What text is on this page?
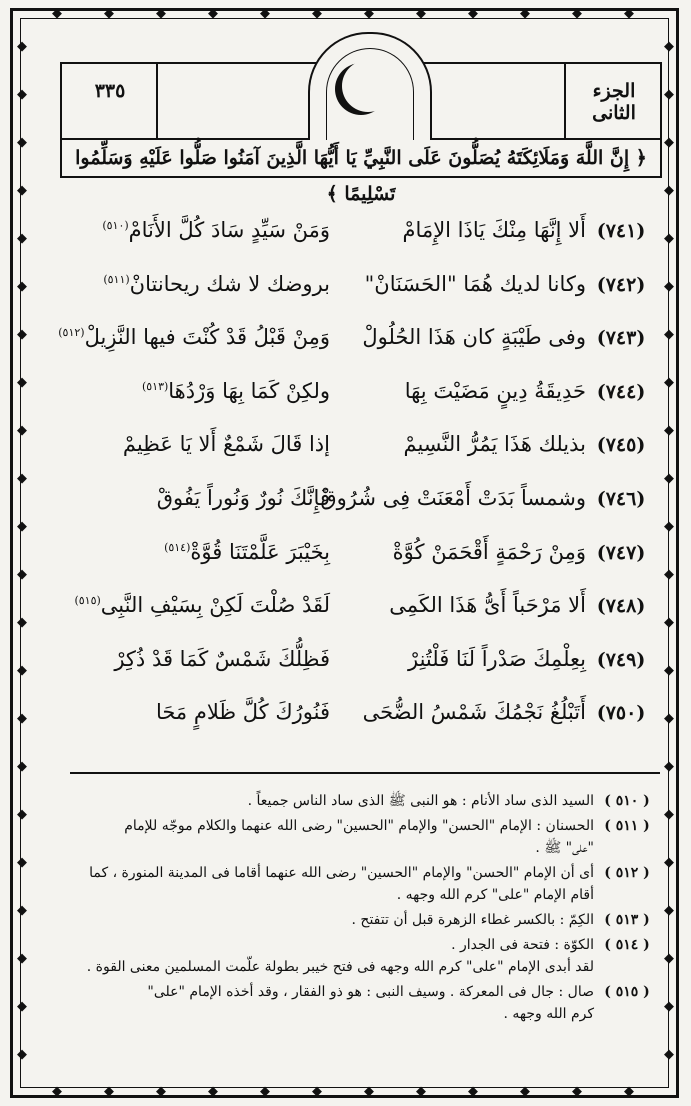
◆	◆
◆	◆
◆	◆
◆	◆
◆	◆
◆	◆
◆	◆
◆	◆
◆	◆
◆	◆
◆	◆
◆	◆
◆	◆
◆	◆
◆	◆
◆	◆
◆	◆
◆	◆
◆	◆
◆	◆
◆	◆
◆	◆
◆
◆
◆
◆
◆
◆
◆
◆
◆
◆
◆
◆
◆
◆
◆
◆
◆
◆
◆
◆
◆
◆
◆
◆
٣٣٥	الجزء الثانى
﴿ إِنَّ اللَّهَ وَمَلَائِكَتَهُ يُصَلُّونَ عَلَى النَّبِيِّ يَا أَيُّهَا الَّذِينَ آمَنُوا صَلُّوا عَلَيْهِ وَسَلِّمُوا تَسْلِيمًا ﴾
(٧٤١)
أَلا إِنَّهَا مِنْكَ يَاذَا الإِمَامْ
وَمَنْ سَيِّدٍ سَادَ كُلَّ الأَنَامْ$^{(٥١٠)}$
(٧٤٢)
وكانا لديك هُمَا "الحَسَنَانْ"
بروضك لا شك ريحانتانْ$^{(٥١١)}$
(٧٤٣)
وفى طَيْبَةٍ كان هَذَا الحُلُولْ
وَمِنْ قَبْلُ قَدْ كُنْتَ فيها النَّزِيلْ$^{(٥١٢)}$
(٧٤٤)
حَدِيقَةُ دِينٍ مَضَيْتَ بِهَا
ولكِنْ كَمَا بِهَا وَرْدُهَا$^{(٥١٣)}$
(٧٤٥)
بذيلك هَذَا يَمُرُّ النَّسِيمْ
إذا قَالَ شَمْعٌ أَلا يَا عَظِيمْ
(٧٤٦)
وشمساً بَدَتْ أَمْعَنَتْ فِى شُرُوقْ
فَإِنَّكَ نُورٌ وَنُوراً يَفُوقْ
(٧٤٧)
وَمِنْ رَحْمَةٍ أَقْحَمَنْ كُوَّةْ
بِخَيْبَرَ عَلَّمْتَنَا قُوَّةْ$^{(٥١٤)}$
(٧٤٨)
أَلا مَرْحَباً أَىُّ هَذَا الكَمِى
لَقَدْ صُلْتَ لَكِنْ بِسَيْفِ النَّبِى$^{(٥١٥)}$
(٧٤٩)
بِعِلْمِكَ صَدْراً لَنَا فَلْتُنِرْ
فَظِلُّكَ شَمْسٌ كَمَا قَدْ ذُكِرْ
(٧٥٠)
أَتَبْلُغُ نَجْمُكَ شَمْسُ الضُّحَى
فَنُورُكَ كُلَّ ظَلامٍ مَحَا
( ٥١٠ )
السيد الذى ساد الأنام : هو النبى ﷺ الذى ساد الناس جميعاً .
( ٥١١ )
الحسنان : الإمام "الحسن" والإمام "الحسين" رضى الله عنهما والكلام موجّه للإمام
"على" ﷺ .
( ٥١٢ )
أى أن الإمام "الحسن" والإمام "الحسين" رضى الله عنهما أقاما فى المدينة المنورة ، كما
أقام الإمام "على" كرم الله وجهه .
( ٥١٣ )
الكِمّ : بالكسر غطاء الزهرة قبل أن تتفتح .
( ٥١٤ )
الكوّة : فتحة فى الجدار .
لقد أبدى الإمام "على" كرم الله وجهه فى فتح خيبر بطولة علّمت المسلمين معنى القوة .
( ٥١٥ )
صال : جال فى المعركة . وسيف النبى : هو ذو الفقار ، وقد أخذه الإمام "على"
كرم الله وجهه .
